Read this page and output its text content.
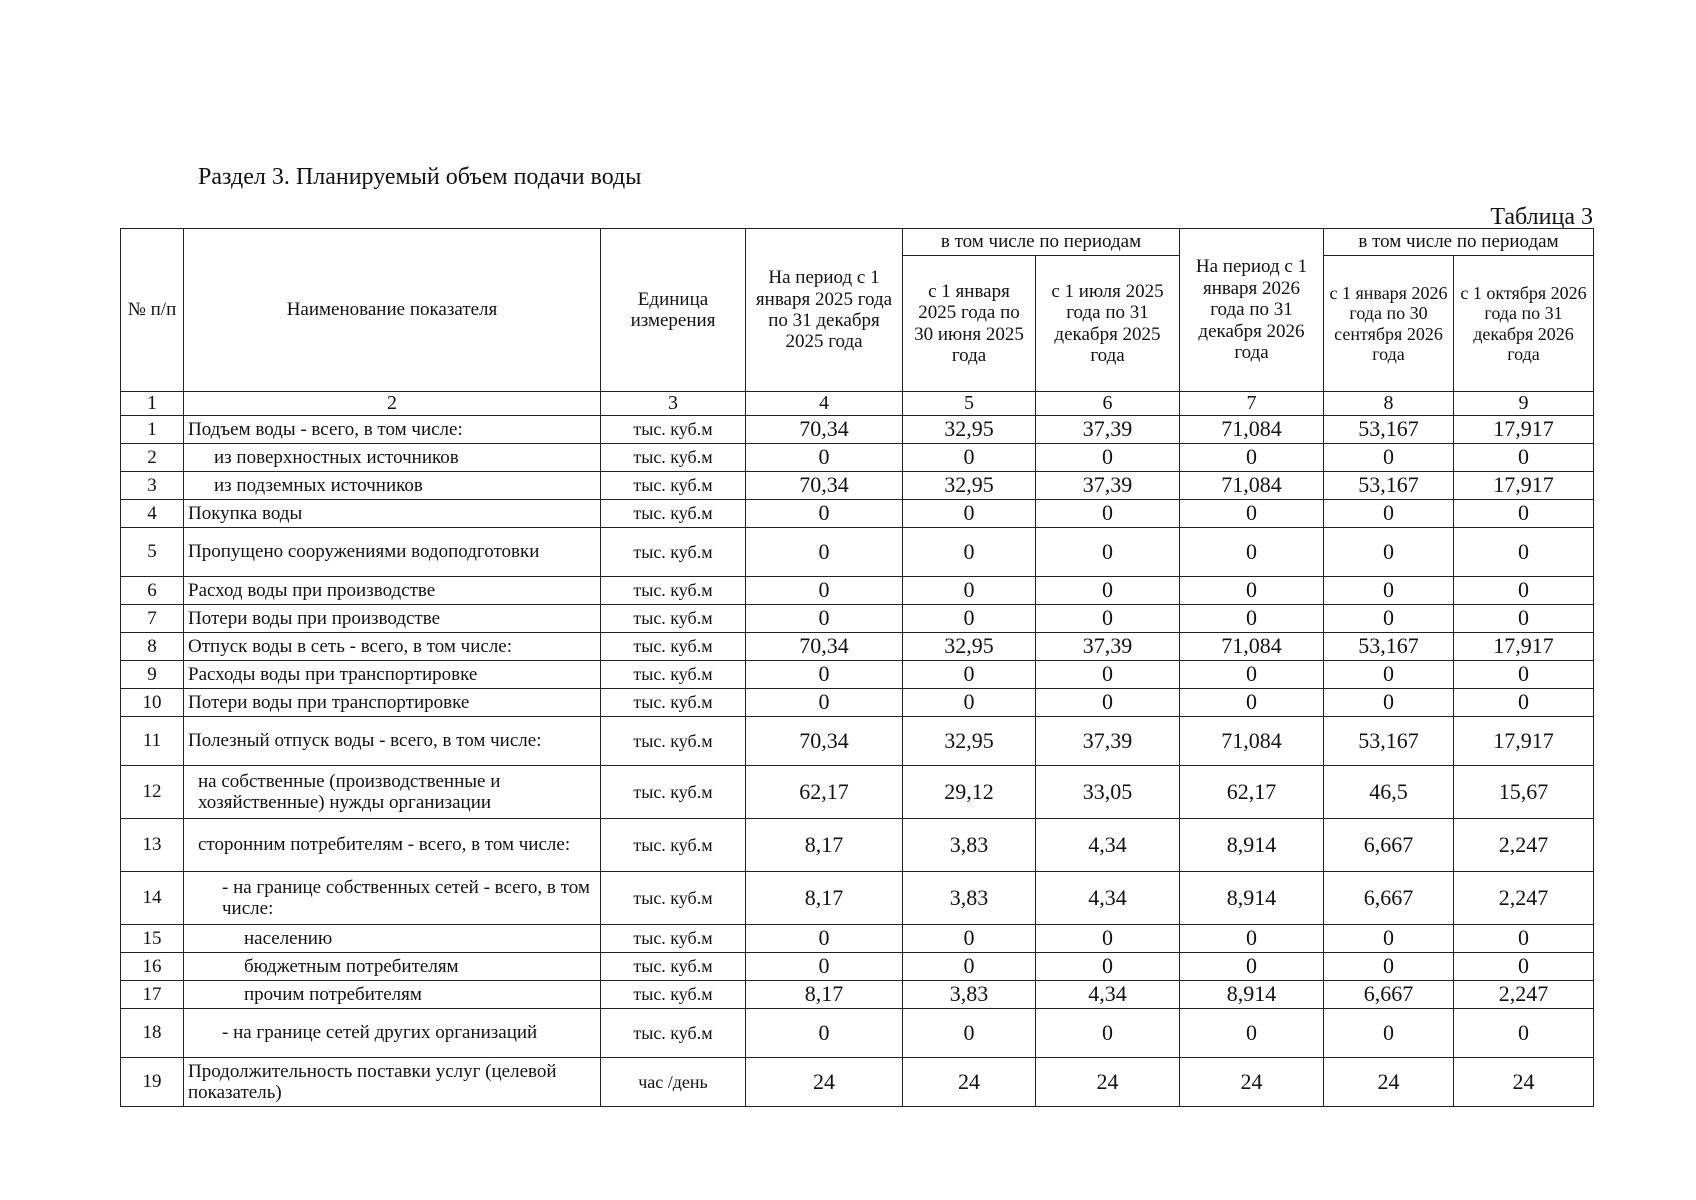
Раздел 3. Планируемый объем подачи воды
Таблица 3
№ п/п	Наименование показателя	Единица измерения	На период с 1 января 2025 года по 31 декабря 2025 года	в том числе по периодам		На период с 1 января 2026 года по 31 декабря 2026 года	в том числе по периодам	
				с 1 января 2025 года по 30 июня 2025 года	с 1 июля 2025 года по 31 декабря 2025 года		с 1 января 2026 года по 30 сентября 2026 года	с 1 октября 2026 года по 31 декабря 2026 года
1	2	3	4	5	6	7	8	9
1	Подъем воды - всего, в том числе:	тыс. куб.м	70,34	32,95	37,39	71,084	53,167	17,917
2	из поверхностных источников	тыс. куб.м	0	0	0	0	0	0
3	из подземных источников	тыс. куб.м	70,34	32,95	37,39	71,084	53,167	17,917
4	Покупка воды	тыс. куб.м	0	0	0	0	0	0
5	Пропущено сооружениями водоподготовки	тыс. куб.м	0	0	0	0	0	0
6	Расход воды при производстве	тыс. куб.м	0	0	0	0	0	0
7	Потери воды при производстве	тыс. куб.м	0	0	0	0	0	0
8	Отпуск воды в сеть - всего, в том числе:	тыс. куб.м	70,34	32,95	37,39	71,084	53,167	17,917
9	Расходы воды при транспортировке	тыс. куб.м	0	0	0	0	0	0
10	Потери воды при транспортировке	тыс. куб.м	0	0	0	0	0	0
11	Полезный отпуск воды - всего, в том числе:	тыс. куб.м	70,34	32,95	37,39	71,084	53,167	17,917
12	на собственные (производственные и хозяйственные) нужды организации	тыс. куб.м	62,17	29,12	33,05	62,17	46,5	15,67
13	сторонним потребителям - всего, в том числе:	тыс. куб.м	8,17	3,83	4,34	8,914	6,667	2,247
14	- на границе собственных сетей - всего, в том числе:	тыс. куб.м	8,17	3,83	4,34	8,914	6,667	2,247
15	населению	тыс. куб.м	0	0	0	0	0	0
16	бюджетным потребителям	тыс. куб.м	0	0	0	0	0	0
17	прочим потребителям	тыс. куб.м	8,17	3,83	4,34	8,914	6,667	2,247
18	- на границе сетей других организаций	тыс. куб.м	0	0	0	0	0	0
19	Продолжительность поставки услуг (целевой показатель)	час /день	24	24	24	24	24	24
